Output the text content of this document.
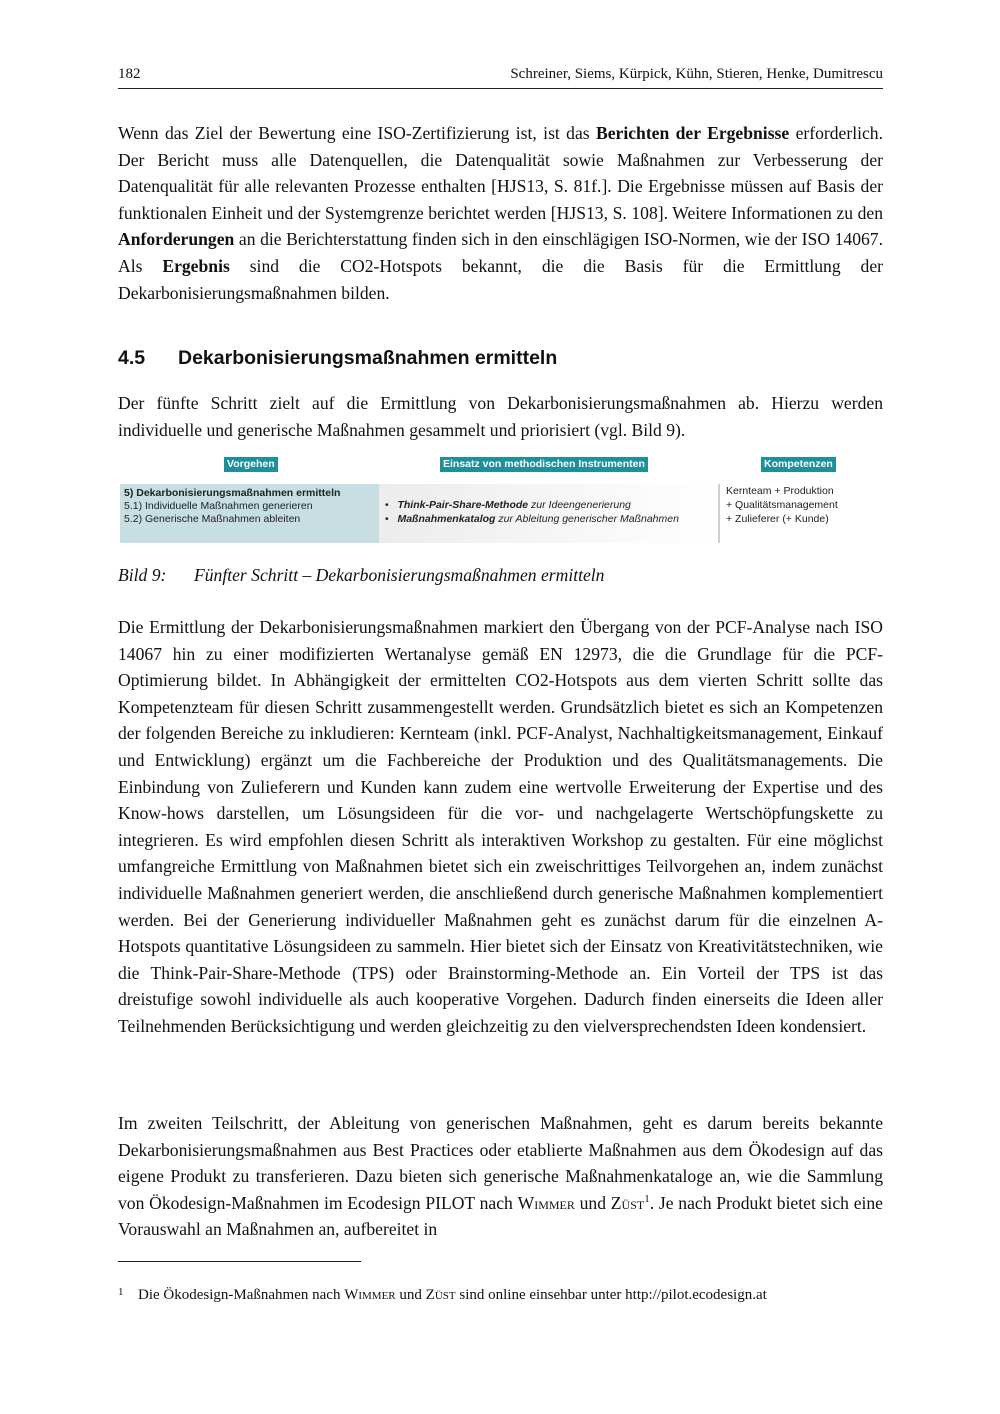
182	Schreiner, Siems, Kürpick, Kühn, Stieren, Henke, Dumitrescu

Wenn das Ziel der Bewertung eine ISO-Zertifizierung ist, ist das Berichten der Ergebnisse erforderlich. Der Bericht muss alle Datenquellen, die Datenqualität sowie Maßnahmen zur Verbesserung der Datenqualität für alle relevanten Prozesse enthalten [HJS13, S. 81f.]. Die Ergebnisse müssen auf Basis der funktionalen Einheit und der Systemgrenze berichtet werden [HJS13, S. 108]. Weitere Informationen zu den Anforderungen an die Berichterstattung finden sich in den einschlägigen ISO-Normen, wie der ISO 14067. Als Ergebnis sind die CO2-Hotspots bekannt, die die Basis für die Ermittlung der Dekarbonisierungsmaßnahmen bilden.

4.5 Dekarbonisierungsmaßnahmen ermitteln

Der fünfte Schritt zielt auf die Ermittlung von Dekarbonisierungsmaßnahmen ab. Hierzu werden individuelle und generische Maßnahmen gesammelt und priorisiert (vgl. Bild 9).

Vorgehen	Einsatz von methodischen Instrumenten	Kompetenzen
5) Dekarbonisierungsmaßnahmen ermitteln
5.1) Individuelle Maßnahmen generieren
5.2) Generische Maßnahmen ableiten
• Think-Pair-Share-Methode zur Ideengenerierung
• Maßnahmenkatalog zur Ableitung generischer Maßnahmen
Kernteam + Produktion
+ Qualitätsmanagement
+ Zulieferer (+ Kunde)

Bild 9: Fünfter Schritt – Dekarbonisierungsmaßnahmen ermitteln

Die Ermittlung der Dekarbonisierungsmaßnahmen markiert den Übergang von der PCF-Analyse nach ISO 14067 hin zu einer modifizierten Wertanalyse gemäß EN 12973, die die Grundlage für die PCF-Optimierung bildet. In Abhängigkeit der ermittelten CO2-Hotspots aus dem vierten Schritt sollte das Kompetenzteam für diesen Schritt zusammengestellt werden. Grundsätzlich bietet es sich an Kompetenzen der folgenden Bereiche zu inkludieren: Kernteam (inkl. PCF-Analyst, Nachhaltigkeitsmanagement, Einkauf und Entwicklung) ergänzt um die Fachbereiche der Produktion und des Qualitätsmanagements. Die Einbindung von Zulieferern und Kunden kann zudem eine wertvolle Erweiterung der Expertise und des Know-hows darstellen, um Lösungsideen für die vor- und nachgelagerte Wertschöpfungskette zu integrieren. Es wird empfohlen diesen Schritt als interaktiven Workshop zu gestalten. Für eine möglichst umfangreiche Ermittlung von Maßnahmen bietet sich ein zweischrittiges Teilvorgehen an, indem zunächst individuelle Maßnahmen generiert werden, die anschließend durch generische Maßnahmen komplementiert werden. Bei der Generierung individueller Maßnahmen geht es zunächst darum für die einzelnen A-Hotspots quantitative Lösungsideen zu sammeln. Hier bietet sich der Einsatz von Kreativitätstechniken, wie die Think-Pair-Share-Methode (TPS) oder Brainstorming-Methode an. Ein Vorteil der TPS ist das dreistufige sowohl individuelle als auch kooperative Vorgehen. Dadurch finden einerseits die Ideen aller Teilnehmenden Berücksichtigung und werden gleichzeitig zu den vielversprechendsten Ideen kondensiert.

Im zweiten Teilschritt, der Ableitung von generischen Maßnahmen, geht es darum bereits bekannte Dekarbonisierungsmaßnahmen aus Best Practices oder etablierte Maßnahmen aus dem Ökodesign auf das eigene Produkt zu transferieren. Dazu bieten sich generische Maßnahmenkataloge an, wie die Sammlung von Ökodesign-Maßnahmen im Ecodesign PILOT nach Wimmer und Züst$^1$. Je nach Produkt bietet sich eine Vorauswahl an Maßnahmen an, aufbereitet in

1 Die Ökodesign-Maßnahmen nach Wimmer und Züst sind online einsehbar unter http://pilot.ecodesign.at
